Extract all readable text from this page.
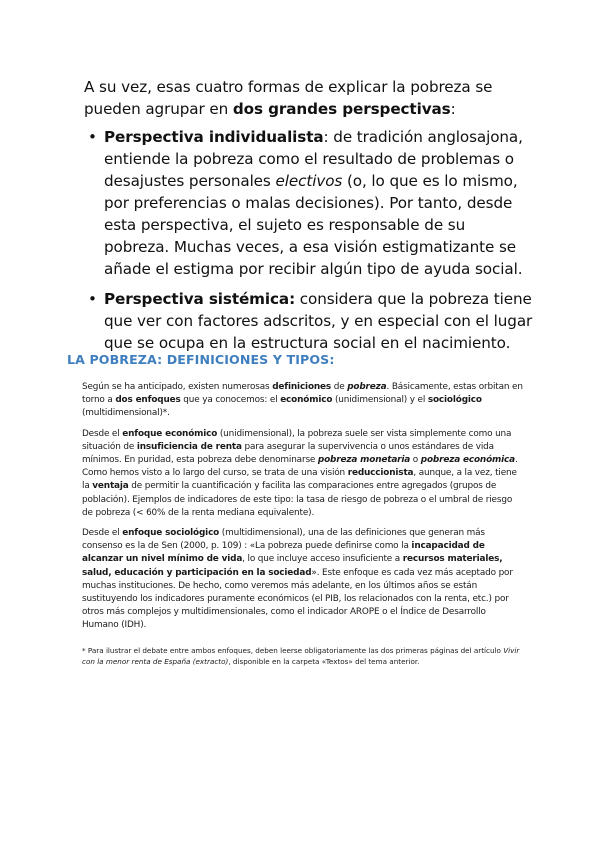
A su vez, esas cuatro formas de explicar la pobreza se pueden agrupar en dos grandes perspectivas:

• Perspectiva individualista: de tradición anglosajona, entiende la pobreza como el resultado de problemas o desajustes personales electivos (o, lo que es lo mismo, por preferencias o malas decisiones). Por tanto, desde esta perspectiva, el sujeto es responsable de su pobreza. Muchas veces, a esa visión estigmatizante se añade el estigma por recibir algún tipo de ayuda social.
• Perspectiva sistémica: considera que la pobreza tiene que ver con factores adscritos, y en especial con el lugar que se ocupa en la estructura social en el nacimiento.
LA POBREZA: DEFINICIONES Y TIPOS:

Según se ha anticipado, existen numerosas definiciones de pobreza. Básicamente, estas orbitan en torno a dos enfoques que ya conocemos: el económico (unidimensional) y el sociológico (multidimensional)*.

Desde el enfoque económico (unidimensional), la pobreza suele ser vista simplemente como una situación de insuficiencia de renta para asegurar la supervivencia o unos estándares de vida mínimos. En puridad, esta pobreza debe denominarse pobreza monetaria o pobreza económica. Como hemos visto a lo largo del curso, se trata de una visión reduccionista, aunque, a la vez, tiene la ventaja de permitir la cuantificación y facilita las comparaciones entre agregados (grupos de población). Ejemplos de indicadores de este tipo: la tasa de riesgo de pobreza o el umbral de riesgo de pobreza (< 60% de la renta mediana equivalente).

Desde el enfoque sociológico (multidimensional), una de las definiciones que generan más consenso es la de Sen (2000, p. 109) : «La pobreza puede definirse como la incapacidad de alcanzar un nivel mínimo de vida, lo que incluye acceso insuficiente a recursos materiales, salud, educación y participación en la sociedad». Este enfoque es cada vez más aceptado por muchas instituciones. De hecho, como veremos más adelante, en los últimos años se están sustituyendo los indicadores puramente económicos (el PIB, los relacionados con la renta, etc.) por otros más complejos y multidimensionales, como el indicador AROPE o el Índice de Desarrollo Humano (IDH).

* Para ilustrar el debate entre ambos enfoques, deben leerse obligatoriamente las dos primeras páginas del artículo Vivir con la menor renta de España (extracto), disponible en la carpeta «Textos» del tema anterior.
